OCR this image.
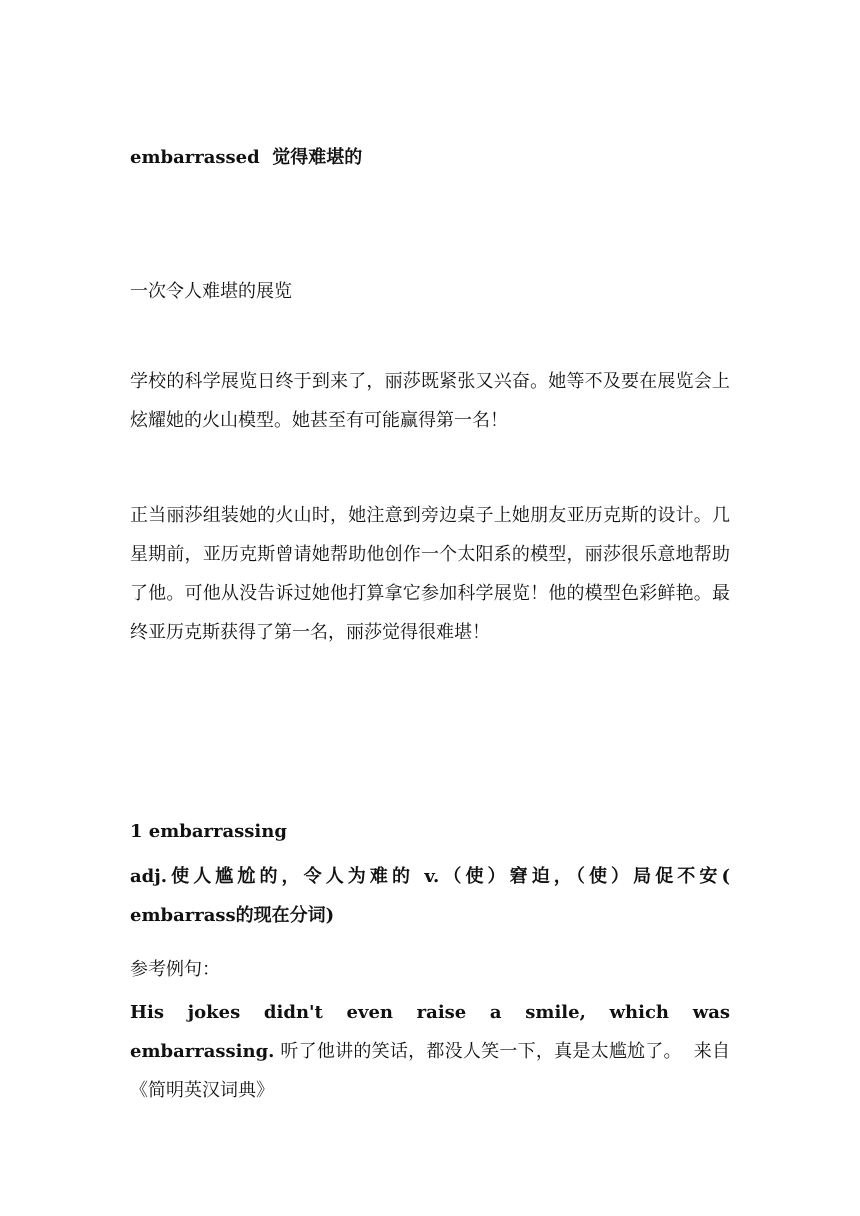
embarrassed 觉得难堪的

一次令人难堪的展览

学校的科学展览日终于到来了，丽莎既紧张又兴奋。她等不及要在展览会上炫耀她的火山模型。她甚至有可能赢得第一名！

正当丽莎组装她的火山时，她注意到旁边桌子上她朋友亚历克斯的设计。几星期前，亚历克斯曾请她帮助他创作一个太阳系的模型，丽莎很乐意地帮助了他。可他从没告诉过她他打算拿它参加科学展览！他的模型色彩鲜艳。最终亚历克斯获得了第一名，丽莎觉得很难堪！

1 embarrassing

adj.使人尴尬的，令人为难的 v.（使）窘迫，（使）局促不安( embarrass的现在分词)

参考例句：

His jokes didn't even raise a smile, which was embarrassing. 听了他讲的笑话，都没人笑一下，真是太尴尬了。 来自《简明英汉词典》
